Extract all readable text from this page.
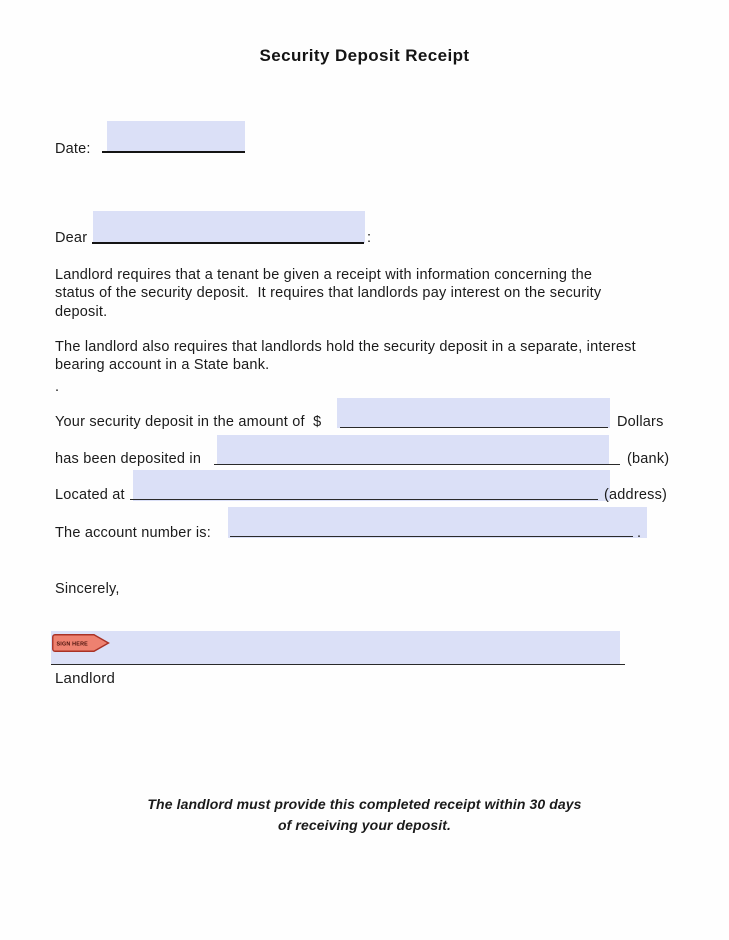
Security Deposit Receipt
Date:
Dear	:
Landlord requires that a tenant be given a receipt with information concerning the
status of the security deposit.  It requires that landlords pay interest on the security
deposit.
The landlord also requires that landlords hold the security deposit in a separate, interest
bearing account in a State bank.
.
Your security deposit in the amount of  $	Dollars
has been deposited in	(bank)
Located at	(address)
The account number is:	.
Sincerely,
SIGN HERE
Landlord
The landlord must provide this completed receipt within 30 days
of receiving your deposit.
